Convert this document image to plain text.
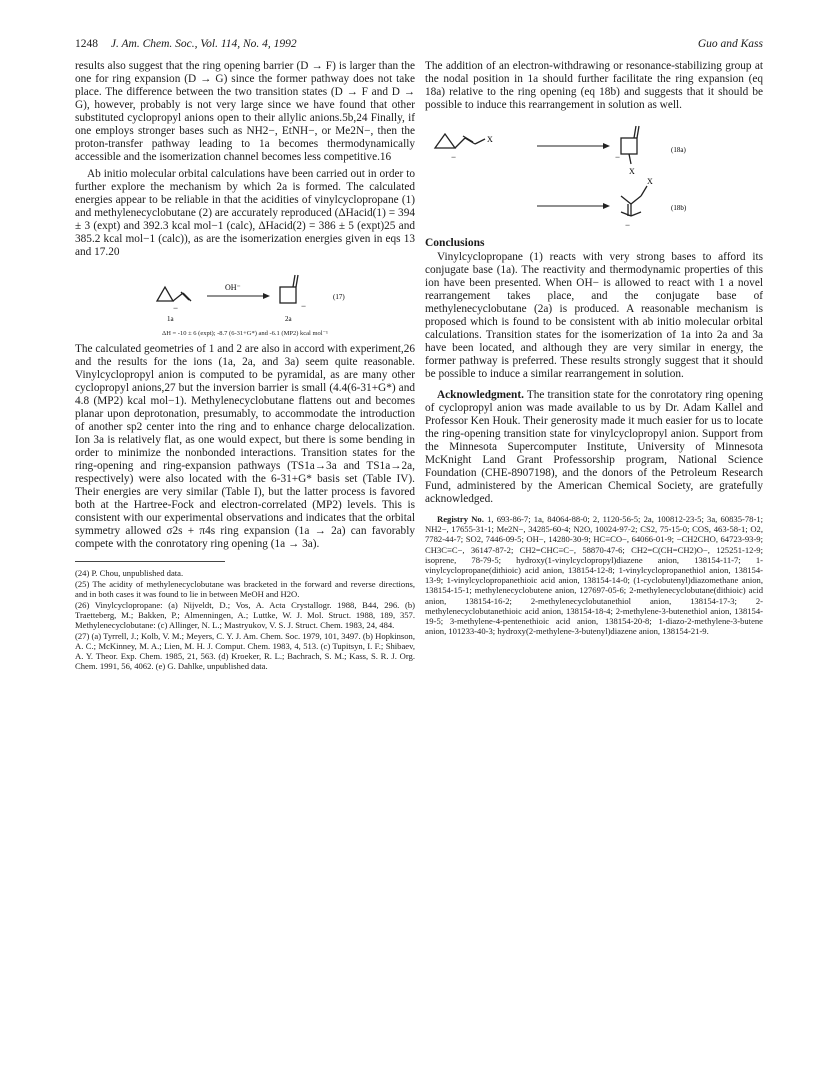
1248 J. Am. Chem. Soc., Vol. 114, No. 4, 1992	Guo and Kass

results also suggest that the ring opening barrier (D → F) is larger than the one for ring expansion (D → G) since the former pathway does not take place. The difference between the two transition states (D → F and D → G), however, probably is not very large since we have found that other substituted cyclopropyl anions open to their allylic anions.5b,24 Finally, if one employs stronger bases such as NH2−, EtNH−, or Me2N−, then the proton-transfer pathway leading to 1a becomes thermodynamically accessible and the isomerization channel becomes less competitive.16

Ab initio molecular orbital calculations have been carried out in order to further explore the mechanism by which 2a is formed. The calculated energies appear to be reliable in that the acidities of vinylcyclopropane (1) and methylenecyclobutane (2) are accurately reproduced (ΔHacid(1) = 394 ± 3 (expt) and 392.3 kcal mol−1 (calc), ΔHacid(2) = 386 ± 5 (expt)25 and 385.2 kcal mol−1 (calc)), as are the isomerization energies given in eqs 13 and 17.20

−
OH⁻
−
(17)
1a	2a
ΔH = -10 ± 6 (expt); -8.7 (6-31+G*) and -6.1 (MP2) kcal mol⁻¹

The calculated geometries of 1 and 2 are also in accord with experiment,26 and the results for the ions (1a, 2a, and 3a) seem quite reasonable. Vinylcyclopropyl anion is computed to be pyramidal, as are many other cyclopropyl anions,27 but the inversion barrier is small (4.4(6-31+G*) and 4.8 (MP2) kcal mol−1). Methylenecyclobutane flattens out and becomes planar upon deprotonation, presumably, to accommodate the introduction of another sp2 center into the ring and to enhance charge delocalization. Ion 3a is relatively flat, as one would expect, but there is some bending in order to minimize the nonbonded interactions. Transition states for the ring-opening and ring-expansion pathways (TS1a→3a and TS1a→2a, respectively) were also located with the 6-31+G* basis set (Table IV). Their energies are very similar (Table I), but the latter process is favored both at the Hartree-Fock and electron-correlated (MP2) levels. This is consistent with our experimental observations and indicates that the orbital symmetry allowed σ2s + π4s ring expansion (1a → 2a) can favorably compete with the conrotatory ring opening (1a → 3a).

(24) P. Chou, unpublished data.

(25) The acidity of methylenecyclobutane was bracketed in the forward and reverse directions, and in both cases it was found to lie in between MeOH and H2O.

(26) Vinylcyclopropane: (a) Nijveldt, D.; Vos, A. Acta Crystallogr. 1988, B44, 296. (b) Traetteberg, M.; Bakken, P.; Almenningen, A.; Luttke, W. J. Mol. Struct. 1988, 189, 357. Methylenecyclobutane: (c) Allinger, N. L.; Mastryukov, V. S. J. Struct. Chem. 1983, 24, 484.

(27) (a) Tyrrell, J.; Kolb, V. M.; Meyers, C. Y. J. Am. Chem. Soc. 1979, 101, 3497. (b) Hopkinson, A. C.; McKinney, M. A.; Lien, M. H. J. Comput. Chem. 1983, 4, 513. (c) Tupitsyn, I. F.; Shibaev, A. Y. Theor. Exp. Chem. 1985, 21, 563. (d) Kroeker, R. L.; Bachrach, S. M.; Kass, S. R. J. Org. Chem. 1991, 56, 4062. (e) G. Dahlke, unpublished data.

The addition of an electron-withdrawing or resonance-stabilizing group at the nodal position in 1a should further facilitate the ring expansion (eq 18a) relative to the ring opening (eq 18b) and suggests that it should be possible to induce this rearrangement in solution as well.

X
−
X
−
(18a)
X
−
(18b)
Conclusions

Vinylcyclopropane (1) reacts with very strong bases to afford its conjugate base (1a). The reactivity and thermodynamic properties of this ion have been presented. When OH− is allowed to react with 1 a novel rearrangement takes place, and the conjugate base of methylenecyclobutane (2a) is produced. A reasonable mechanism is proposed which is found to be consistent with ab initio molecular orbital calculations. Transition states for the isomerization of 1a into 2a and 3a have been located, and although they are very similar in energy, the former pathway is preferred. These results strongly suggest that it should be possible to induce a similar rearrangement in solution.

Acknowledgment. The transition state for the conrotatory ring opening of cyclopropyl anion was made available to us by Dr. Adam Kallel and Professor Ken Houk. Their generosity made it much easier for us to locate the ring-opening transition state for vinylcyclopropyl anion. Support from the Minnesota Supercomputer Institute, University of Minnesota McKnight Land Grant Professorship program, National Science Foundation (CHE-8907198), and the donors of the Petroleum Research Fund, administered by the American Chemical Society, are gratefully acknowledged.

Registry No. 1, 693-86-7; 1a, 84064-88-0; 2, 1120-56-5; 2a, 100812-23-5; 3a, 60835-78-1; NH2−, 17655-31-1; Me2N−, 34285-60-4; N2O, 10024-97-2; CS2, 75-15-0; COS, 463-58-1; O2, 7782-44-7; SO2, 7446-09-5; OH−, 14280-30-9; HC≡CO−, 64066-01-9; −CH2CHO, 64723-93-9; CH3C≡C−, 36147-87-2; CH2=CHC≡C−, 58870-47-6; CH2=C(CH=CH2)O−, 125251-12-9; isoprene, 78-79-5; hydroxy(1-vinylcyclopropyl)diazene anion, 138154-11-7; 1-vinylcyclopropane(dithioic) acid anion, 138154-12-8; 1-vinylcyclopropanethiol anion, 138154-13-9; 1-vinylcyclopropanethioic acid anion, 138154-14-0; (1-cyclobutenyl)diazomethane anion, 138154-15-1; methylenecyclobutene anion, 127697-05-6; 2-methylenecyclobutane(dithioic) acid anion, 138154-16-2; 2-methylenecyclobutanethiol anion, 138154-17-3; 2-methylenecyclobutanethioic acid anion, 138154-18-4; 2-methylene-3-butenethiol anion, 138154-19-5; 3-methylene-4-pentenethioic acid anion, 138154-20-8; 1-diazo-2-methylene-3-butene anion, 101233-40-3; hydroxy(2-methylene-3-butenyl)diazene anion, 138154-21-9.
